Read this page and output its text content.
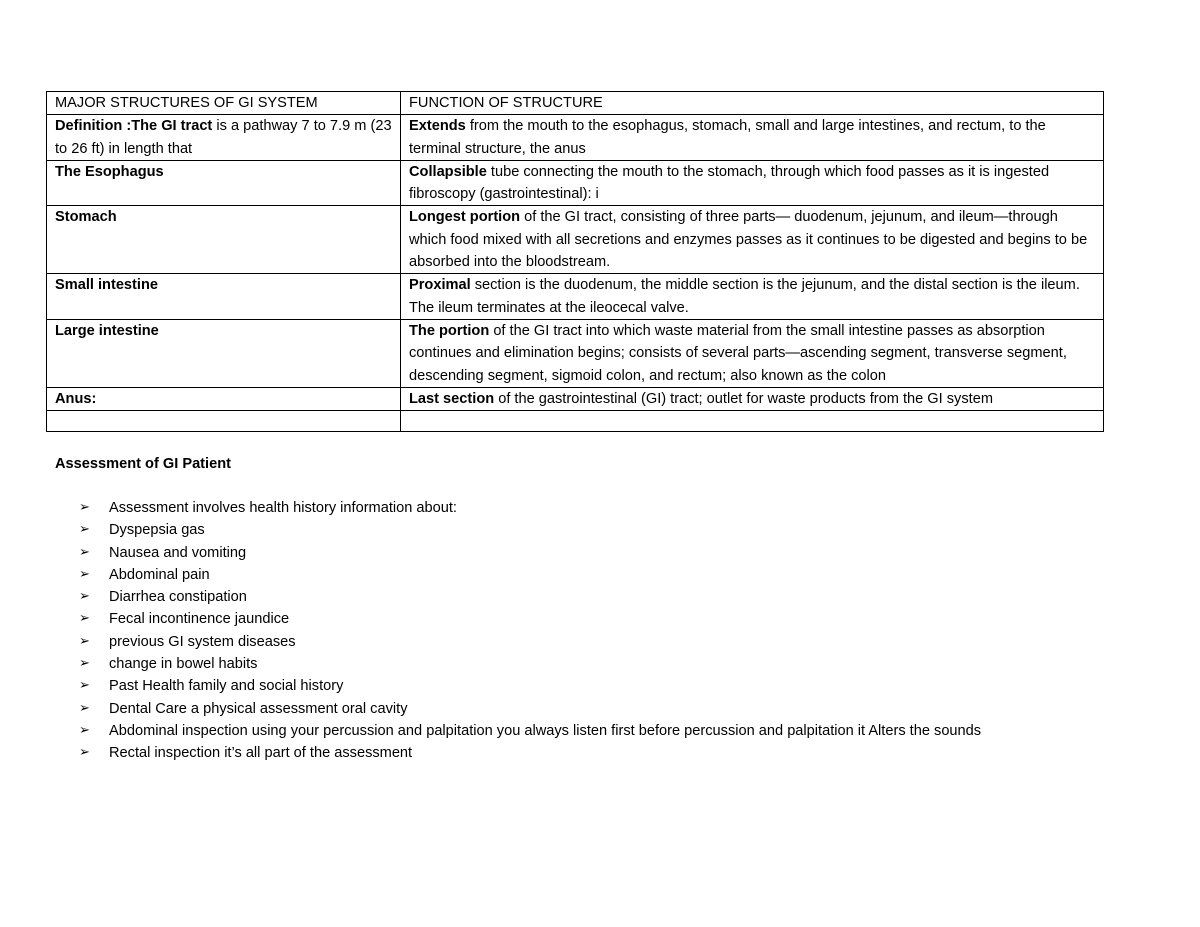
MAJOR STRUCTURES OF GI SYSTEM	FUNCTION OF STRUCTURE
Definition :The GI tract is a pathway 7 to 7.9 m (23 to 26 ft) in length that	Extends from the mouth to the esophagus, stomach, small and large intestines, and rectum, to the terminal structure, the anus
The Esophagus	Collapsible tube connecting the mouth to the stomach, through which food passes as it is ingested fibroscopy (gastrointestinal): i
Stomach	Longest portion of the GI tract, consisting of three parts— duodenum, jejunum, and ileum—through which food mixed with all secretions and enzymes passes as it continues to be digested and begins to be absorbed into the bloodstream.
Small intestine	Proximal section is the duodenum, the middle section is the jejunum, and the distal section is the ileum. The ileum terminates at the ileocecal valve.
Large intestine	The portion of the GI tract into which waste material from the small intestine passes as absorption continues and elimination begins; consists of several parts—ascending segment, transverse segment, descending segment, sigmoid colon, and rectum; also known as the colon
Anus:	Last section of the gastrointestinal (GI) tract; outlet for waste products from the GI system

Assessment of GI Patient
➢	Assessment involves health history information about:
➢	Dyspepsia gas
➢	Nausea and vomiting
➢	Abdominal pain
➢	Diarrhea constipation
➢	Fecal incontinence jaundice
➢	previous GI system diseases
➢	change in bowel habits
➢	Past Health family and social history
➢	Dental Care a physical assessment oral cavity
➢	Abdominal inspection using your percussion and palpitation you always listen first before percussion and palpitation it Alters the sounds
➢	Rectal inspection it’s all part of the assessment
